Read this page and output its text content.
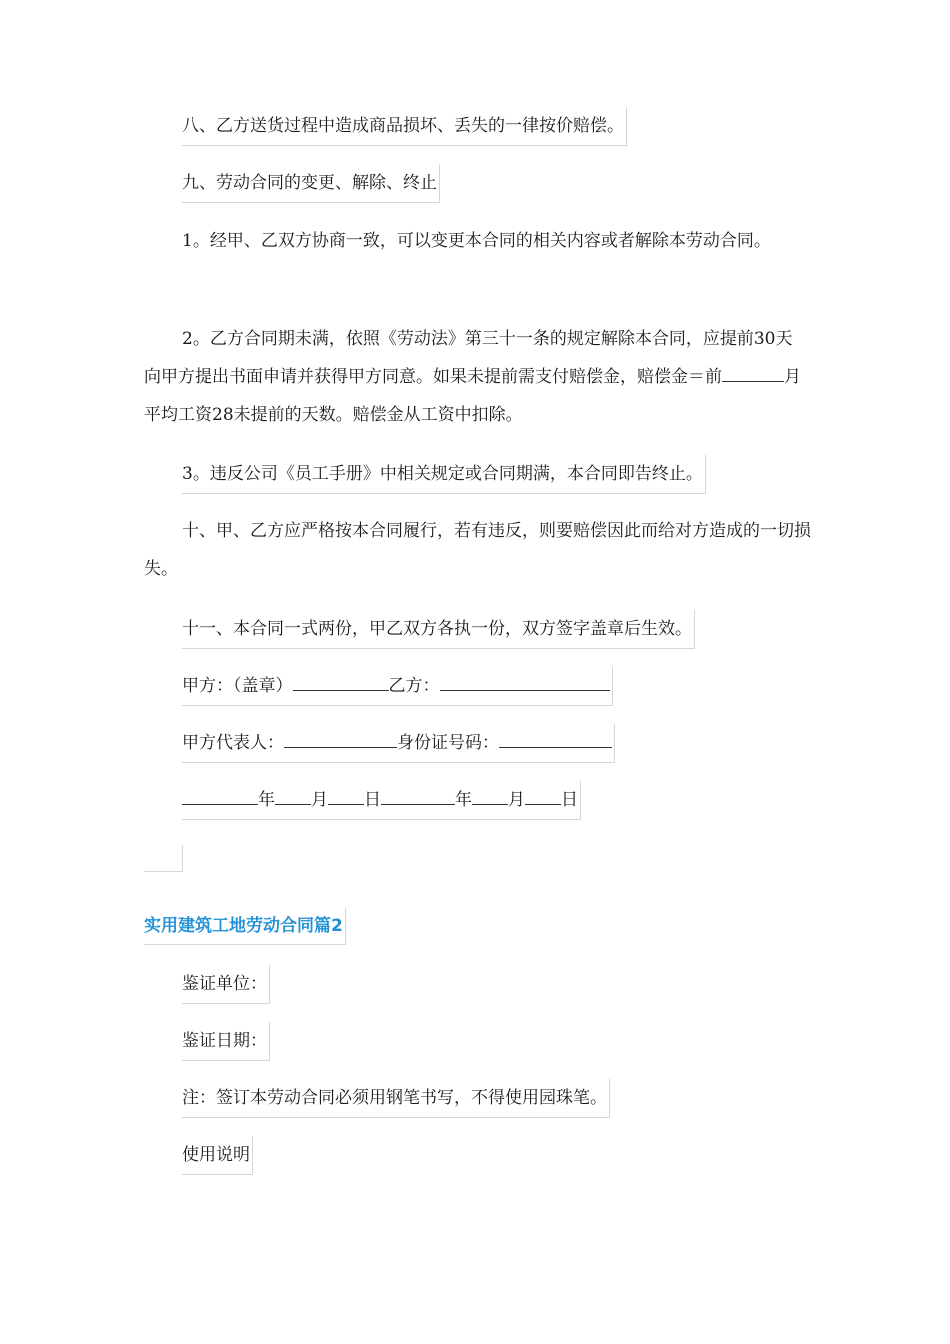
八、乙方送货过程中造成商品损坏、丢失的一律按价赔偿。
九、劳动合同的变更、解除、终止
1。经甲、乙双方协商一致，可以变更本合同的相关内容或者解除本劳动合同。
2。乙方合同期未满，依照《劳动法》第三十一条的规定解除本合同，应提前30天向甲方提出书面申请并获得甲方同意。如果未提前需支付赔偿金，赔偿金＝前	月平均工资28未提前的天数。赔偿金从工资中扣除。
3。违反公司《员工手册》中相关规定或合同期满，本合同即告终止。
十、甲、乙方应严格按本合同履行，若有违反，则要赔偿因此而给对方造成的一切损失。
十一、本合同一式两份，甲乙双方各执一份，双方签字盖章后生效。
甲方：（盖章）	乙方：
甲方代表人：	身份证号码：
年 月 日	年 月 日
实用建筑工地劳动合同篇2
鉴证单位：
鉴证日期：
注：签订本劳动合同必须用钢笔书写，不得使用园珠笔。
使用说明
